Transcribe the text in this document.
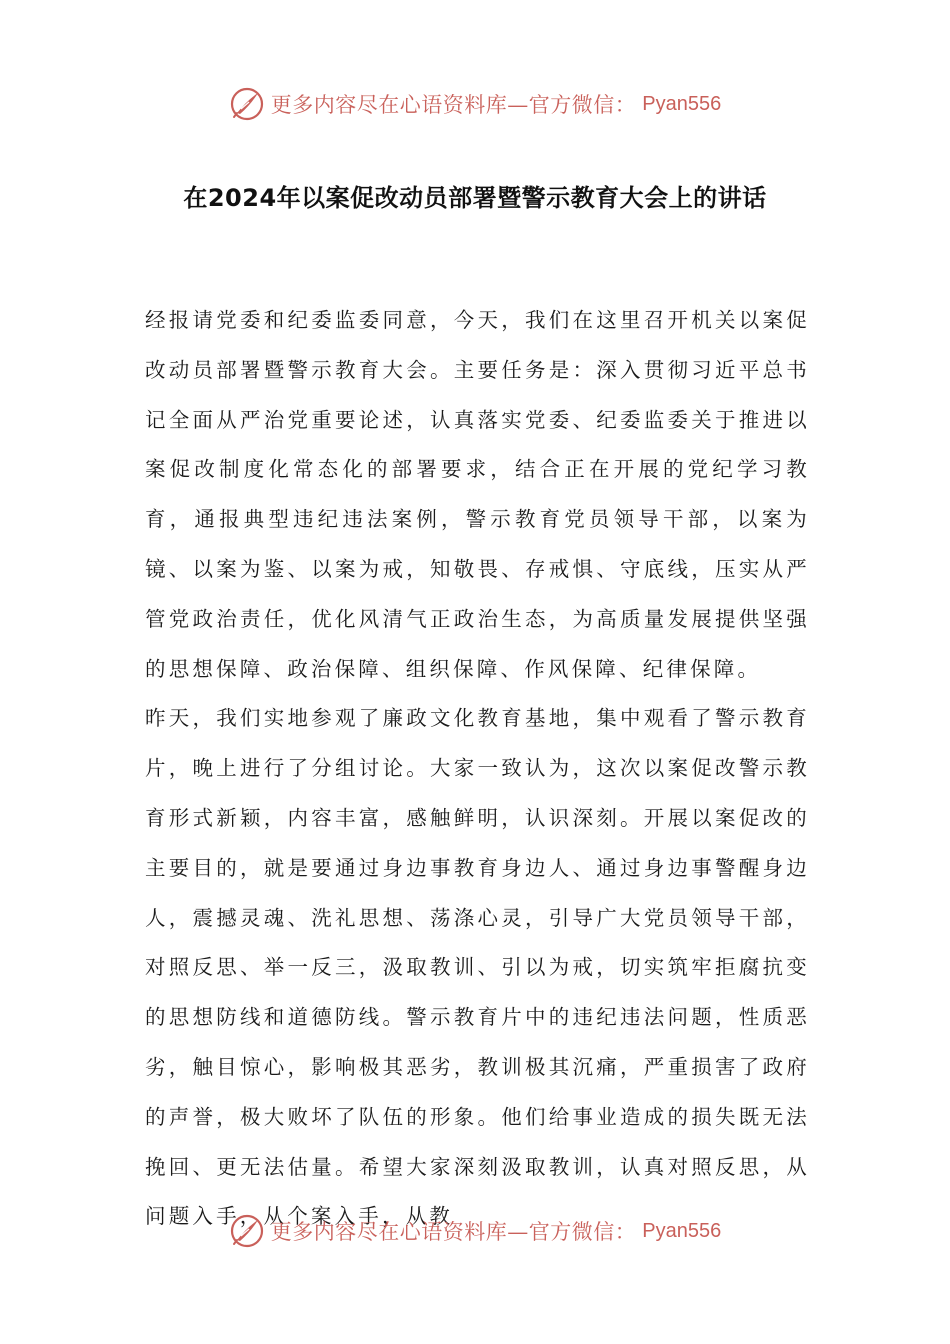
更多内容尽在心语资料库—官方微信： Pyan556
在2024年以案促改动员部署暨警示教育大会上的讲话

经报请党委和纪委监委同意，今天，我们在这里召开机关以案促改动员部署暨警示教育大会。主要任务是：深入贯彻习近平总书记全面从严治党重要论述，认真落实党委、纪委监委关于推进以案促改制度化常态化的部署要求，结合正在开展的党纪学习教育，通报典型违纪违法案例，警示教育党员领导干部，以案为镜、以案为鉴、以案为戒，知敬畏、存戒惧、守底线，压实从严管党政治责任，优化风清气正政治生态，为高质量发展提供坚强的思想保障、政治保障、组织保障、作风保障、纪律保障。

昨天，我们实地参观了廉政文化教育基地，集中观看了警示教育片，晚上进行了分组讨论。大家一致认为，这次以案促改警示教育形式新颖，内容丰富，感触鲜明，认识深刻。开展以案促改的主要目的，就是要通过身边事教育身边人、通过身边事警醒身边人，震撼灵魂、洗礼思想、荡涤心灵，引导广大党员领导干部，对照反思、举一反三，汲取教训、引以为戒，切实筑牢拒腐抗变的思想防线和道德防线。警示教育片中的违纪违法问题，性质恶劣，触目惊心，影响极其恶劣，教训极其沉痛，严重损害了政府的声誉，极大败坏了队伍的形象。他们给事业造成的损失既无法挽回、更无法估量。希望大家深刻汲取教训，认真对照反思，从问题入手，从个案入手，从教

更多内容尽在心语资料库—官方微信： Pyan556
